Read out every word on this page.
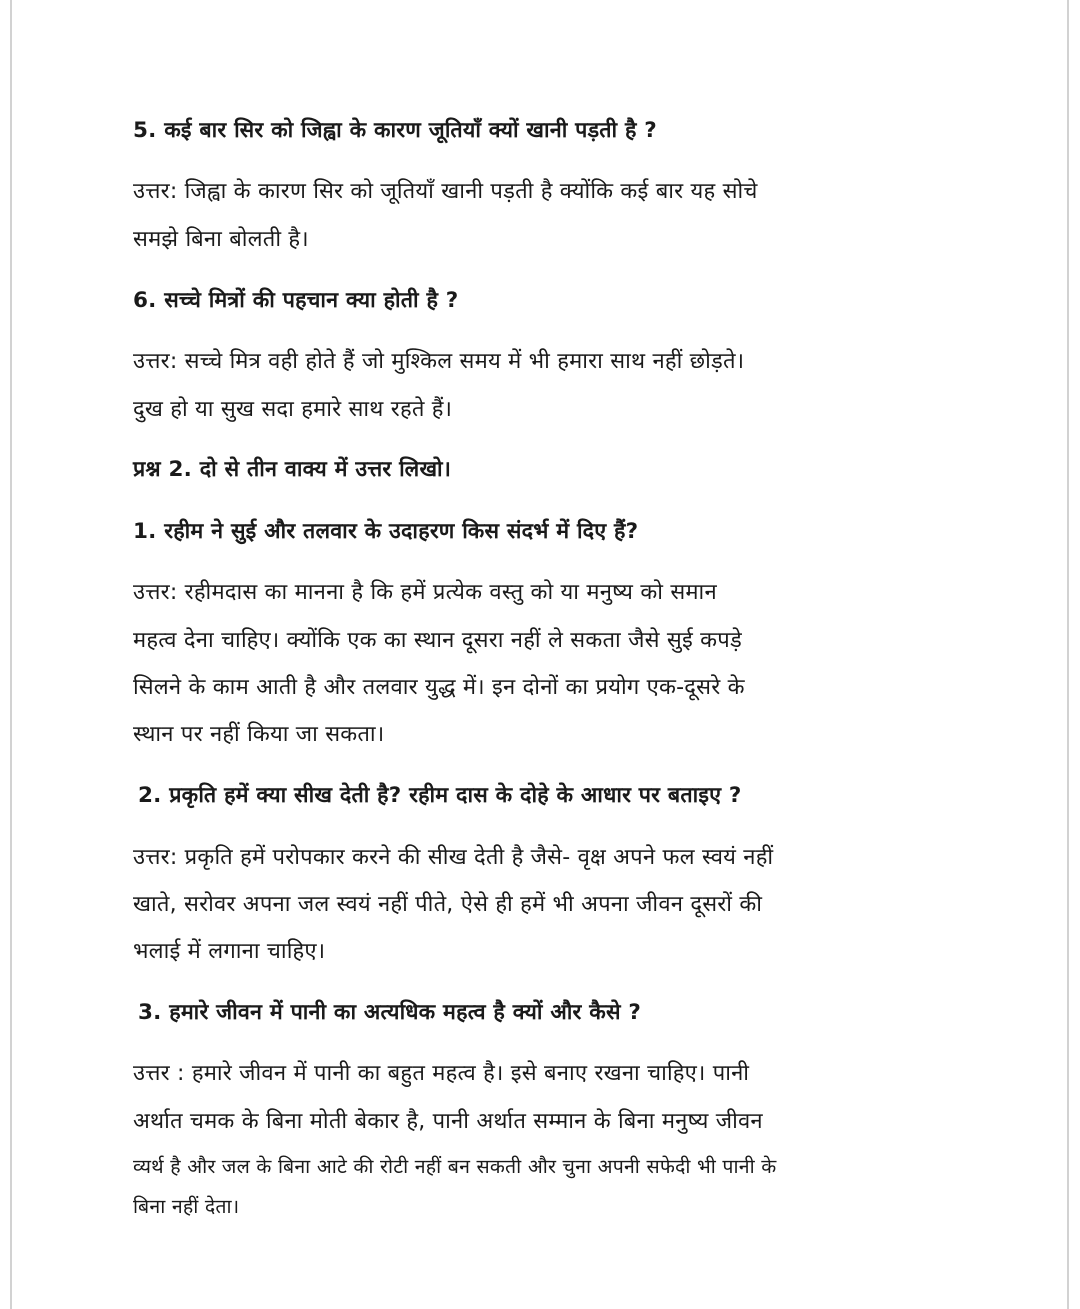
5. कई बार सिर को जिह्वा के कारण जूतियाँ क्यों खानी पड़ती है ?
उत्तर: जिह्वा के कारण सिर को जूतियाँ खानी पड़ती है क्योंकि कई बार यह सोचे
समझे बिना बोलती है।
6. सच्चे मित्रों की पहचान क्या होती है ?
उत्तर: सच्चे मित्र वही होते हैं जो मुश्किल समय में भी हमारा साथ नहीं छोड़ते।
दुख हो या सुख सदा हमारे साथ रहते हैं।
प्रश्न 2. दो से तीन वाक्य में उत्तर लिखो।
1. रहीम ने सुई और तलवार के उदाहरण किस संदर्भ में दिए हैं?
उत्तर: रहीमदास का मानना है कि हमें प्रत्येक वस्तु को या मनुष्य को समान
महत्व देना चाहिए। क्योंकि एक का स्थान दूसरा नहीं ले सकता जैसे सुई कपड़े
सिलने के काम आती है और तलवार युद्ध में। इन दोनों का प्रयोग एक-दूसरे के
स्थान पर नहीं किया जा सकता।
2. प्रकृति हमें क्या सीख देती है? रहीम दास के दोहे के आधार पर बताइए ?
उत्तर: प्रकृति हमें परोपकार करने की सीख देती है जैसे- वृक्ष अपने फल स्वयं नहीं
खाते, सरोवर अपना जल स्वयं नहीं पीते, ऐसे ही हमें भी अपना जीवन दूसरों की
भलाई में लगाना चाहिए।
3. हमारे जीवन में पानी का अत्यधिक महत्व है क्यों और कैसे ?
उत्तर : हमारे जीवन में पानी का बहुत महत्व है। इसे बनाए रखना चाहिए। पानी
अर्थात चमक के बिना मोती बेकार है, पानी अर्थात सम्मान के बिना मनुष्य जीवन
व्यर्थ है और जल के बिना आटे की रोटी नहीं बन सकती और चुना अपनी सफेदी भी पानी के
बिना नहीं देता।
